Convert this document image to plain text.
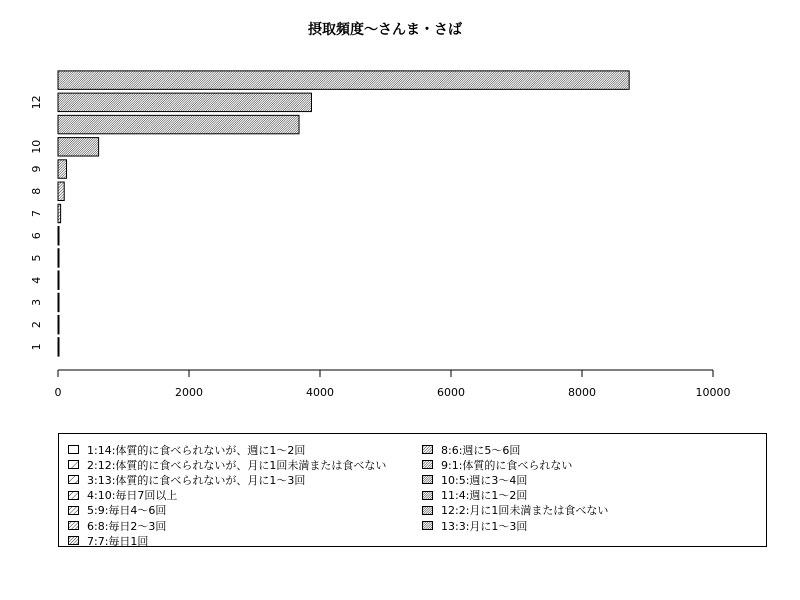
摂取頻度〜さんま・さば
1
2
3
4
5
6
7
8
9
10
12
0	2000	4000	6000	8000	10000
1:14:体質的に食べられないが、週に1〜2回
2:12:体質的に食べられないが、月に1回未満または食べない
3:13:体質的に食べられないが、月に1〜3回
4:10:毎日7回以上
5:9:毎日4〜6回
6:8:毎日2〜3回
7:7:毎日1回
8:6:週に5〜6回
9:1:体質的に食べられない
10:5:週に3〜4回
11:4:週に1〜2回
12:2:月に1回未満または食べない
13:3:月に1〜3回
